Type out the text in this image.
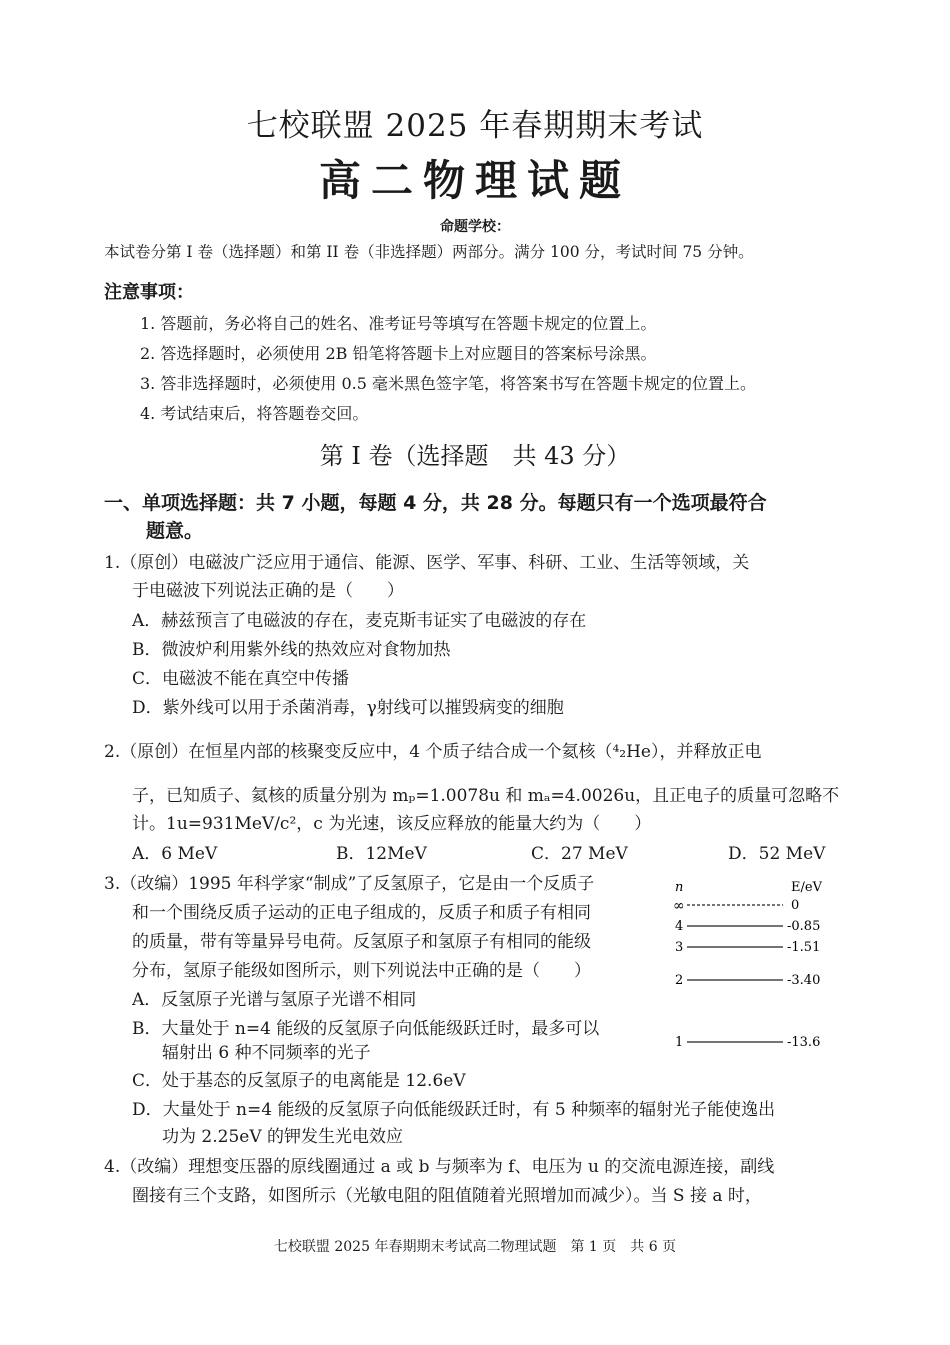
七校联盟 2025 年春期期末考试
高二物理试题
命题学校：
本试卷分第 I 卷（选择题）和第 II 卷（非选择题）两部分。满分 100 分，考试时间 75 分钟。
注意事项：
1. 答题前，务必将自己的姓名、准考证号等填写在答题卡规定的位置上。
2. 答选择题时，必须使用 2B 铅笔将答题卡上对应题目的答案标号涂黑。
3. 答非选择题时，必须使用 0.5 毫米黑色签字笔，将答案书写在答题卡规定的位置上。
4. 考试结束后，将答题卷交回。
第 I 卷（选择题　共 43 分）
一、单项选择题：共 7 小题，每题 4 分，共 28 分。每题只有一个选项最符合
题意。
1.（原创）电磁波广泛应用于通信、能源、医学、军事、科研、工业、生活等领域，关
于电磁波下列说法正确的是（　　）
A．赫兹预言了电磁波的存在，麦克斯韦证实了电磁波的存在
B．微波炉利用紫外线的热效应对食物加热
C．电磁波不能在真空中传播
D．紫外线可以用于杀菌消毒，γ射线可以摧毁病变的细胞
2.（原创）在恒星内部的核聚变反应中，4 个质子结合成一个氦核（⁴₂He），并释放正电
子，已知质子、氦核的质量分别为 mₚ=1.0078u 和 mₐ=4.0026u，且正电子的质量可忽略不
计。1u=931MeV/c²，c 为光速，该反应释放的能量大约为（　　）
A．6 MeV	B．12MeV	C．27 MeV	D．52 MeV
3.（改编）1995 年科学家“制成”了反氢原子，它是由一个反质子
和一个围绕反质子运动的正电子组成的，反质子和质子有相同
的质量，带有等量异号电荷。反氢原子和氢原子有相同的能级
分布，氢原子能级如图所示，则下列说法中正确的是（　　）
A．反氢原子光谱与氢原子光谱不相同
B．大量处于 n=4 能级的反氢原子向低能级跃迁时，最多可以
辐射出 6 种不同频率的光子
C．处于基态的反氢原子的电离能是 12.6eV
D．大量处于 n=4 能级的反氢原子向低能级跃迁时，有 5 种频率的辐射光子能使逸出
功为 2.25eV 的钾发生光电效应
n	E/eV
∞	0
4	-0.85
3	-1.51
2	-3.40
1	-13.6
4.（改编）理想变压器的原线圈通过 a 或 b 与频率为 f、电压为 u 的交流电源连接，副线
圈接有三个支路，如图所示（光敏电阻的阻值随着光照增加而减少）。当 S 接 a 时，
七校联盟 2025 年春期期末考试高二物理试题　第 1 页　共 6 页
